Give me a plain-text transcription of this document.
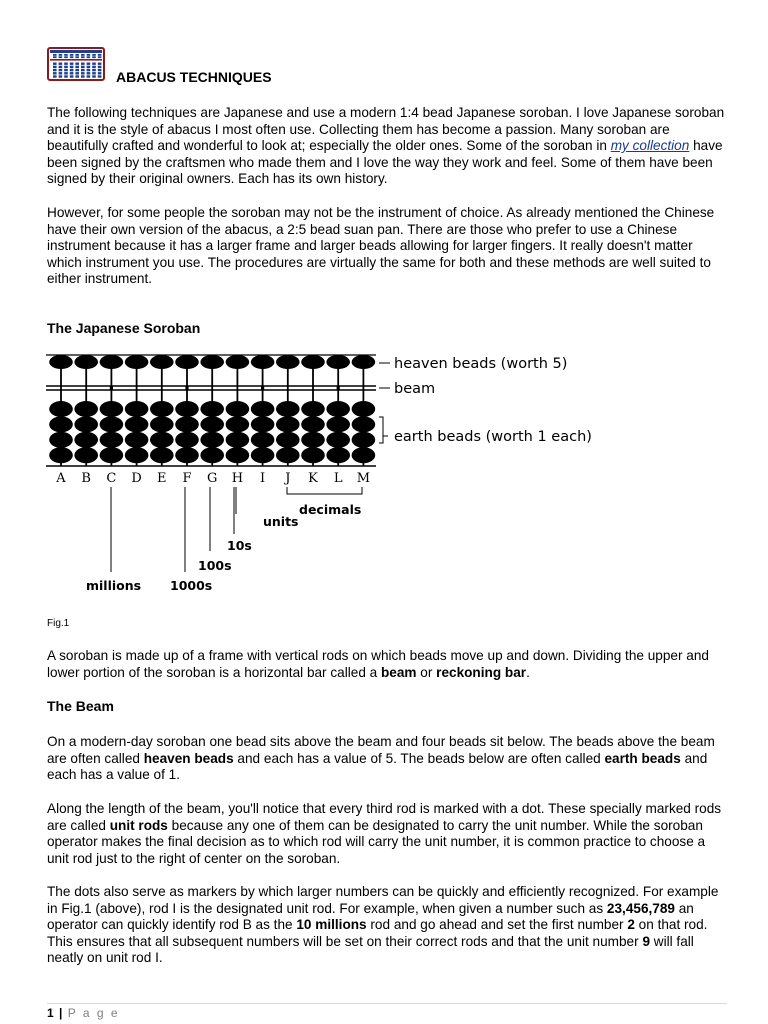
ABACUS TECHNIQUES
The following techniques are Japanese and use a modern 1:4 bead Japanese soroban. I love Japanese soroban and it is the style of abacus I most often use. Collecting them has become a passion. Many soroban are beautifully crafted and wonderful to look at; especially the older ones. Some of the soroban in my collection have been signed by the craftsmen who made them and I love the way they work and feel. Some of them have been signed by their original owners. Each has its own history.
However, for some people the soroban may not be the instrument of choice. As already mentioned the Chinese have their own version of the abacus, a 2:5 bead suan pan. There are those who prefer to use a Chinese instrument because it has a larger frame and larger beads allowing for larger fingers. It really doesn't matter which instrument you use. The procedures are virtually the same for both and these methods are well suited to either instrument.
The Japanese Soroban
A B C D E F G H I J K L M
heaven beads (worth 5)
beam
earth beads (worth 1 each)
millions 1000s
100s
10s
units
decimals
Fig.1
A soroban is made up of a frame with vertical rods on which beads move up and down. Dividing the upper and lower portion of the soroban is a horizontal bar called a beam or reckoning bar.
The Beam
On a modern-day soroban one bead sits above the beam and four beads sit below. The beads above the beam are often called heaven beads and each has a value of 5. The beads below are often called earth beads and each has a value of 1.
Along the length of the beam, you'll notice that every third rod is marked with a dot. These specially marked rods are called unit rods because any one of them can be designated to carry the unit number. While the soroban operator makes the final decision as to which rod will carry the unit number, it is common practice to choose a unit rod just to the right of center on the soroban.
The dots also serve as markers by which larger numbers can be quickly and efficiently recognized. For example in Fig.1 (above), rod I is the designated unit rod. For example, when given a number such as 23,456,789 an operator can quickly identify rod B as the 10 millions rod and go ahead and set the first number 2 on that rod. This ensures that all subsequent numbers will be set on their correct rods and that the unit number 9 will fall neatly on unit rod I.
1 | P a g e
